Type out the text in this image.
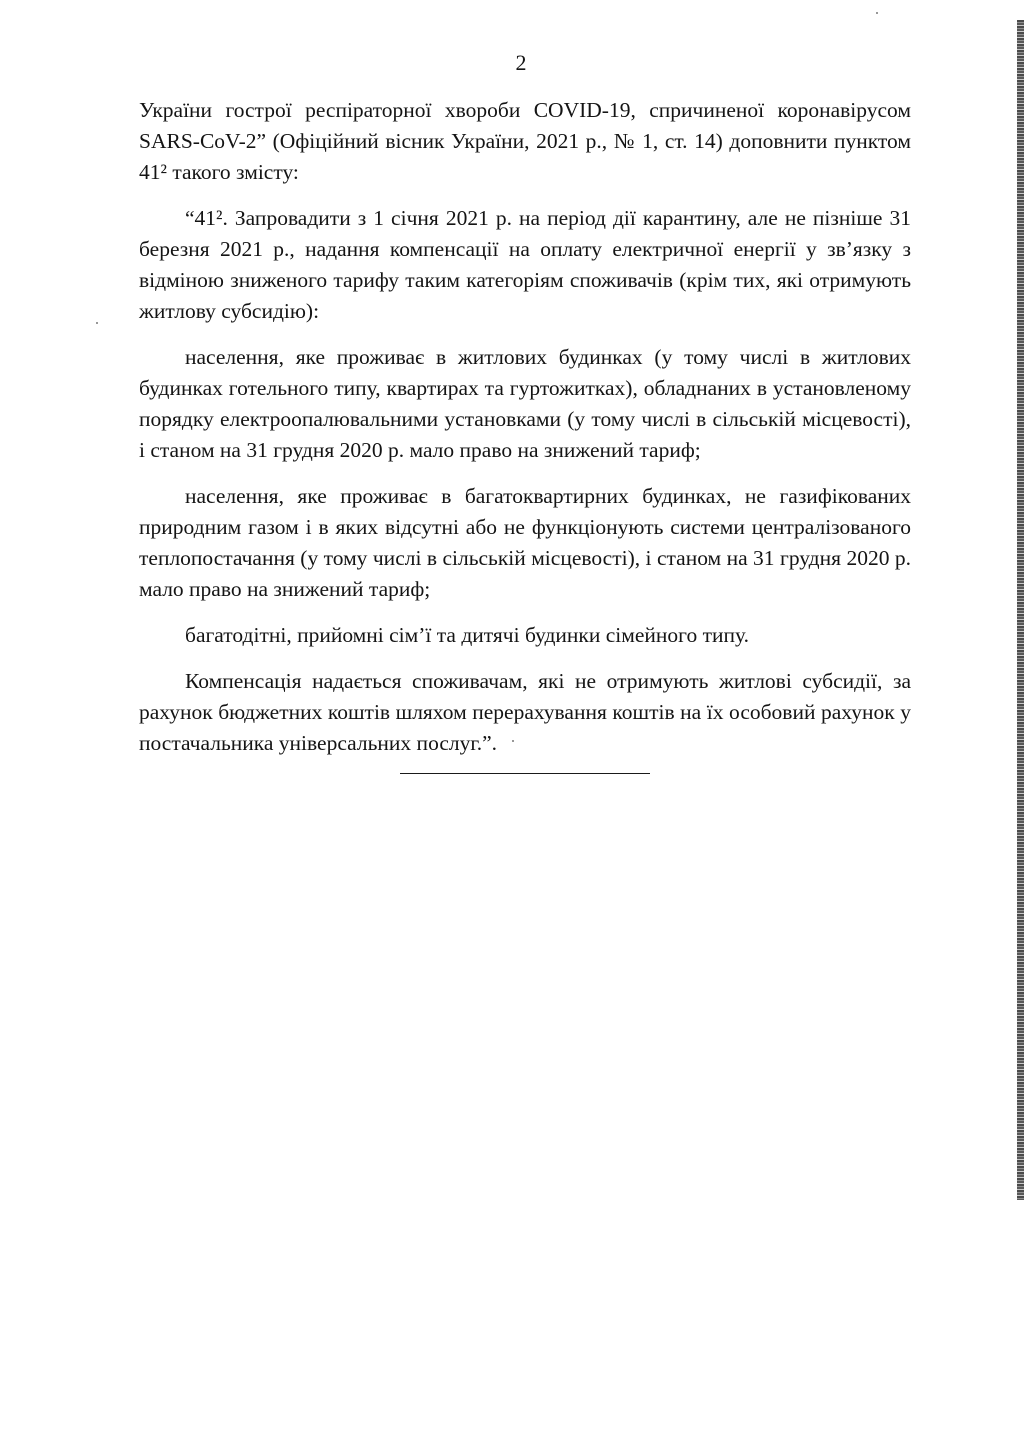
2

України гострої респіраторної хвороби COVID-19, спричиненої коронавірусом SARS-CoV-2” (Офіційний вісник України, 2021 р., № 1, ст. 14) доповнити пунктом 41² такого змісту:

“41². Запровадити з 1 січня 2021 р. на період дії карантину, але не пізніше 31 березня 2021 р., надання компенсації на оплату електричної енергії у зв’язку з відміною зниженого тарифу таким категоріям споживачів (крім тих, які отримують житлову субсидію):

населення, яке проживає в житлових будинках (у тому числі в житлових будинках готельного типу, квартирах та гуртожитках), обладнаних в установленому порядку електроопалювальними установками (у тому числі в сільській місцевості), і станом на 31 грудня 2020 р. мало право на знижений тариф;

населення, яке проживає в багатоквартирних будинках, не газифікованих природним газом і в яких відсутні або не функціонують системи централізованого теплопостачання (у тому числі в сільській місцевості), і станом на 31 грудня 2020 р. мало право на знижений тариф;

багатодітні, прийомні сім’ї та дитячі будинки сімейного типу.

Компенсація надається споживачам, які не отримують житлові субсидії, за рахунок бюджетних коштів шляхом перерахування коштів на їх особовий рахунок у постачальника універсальних послуг.”.
